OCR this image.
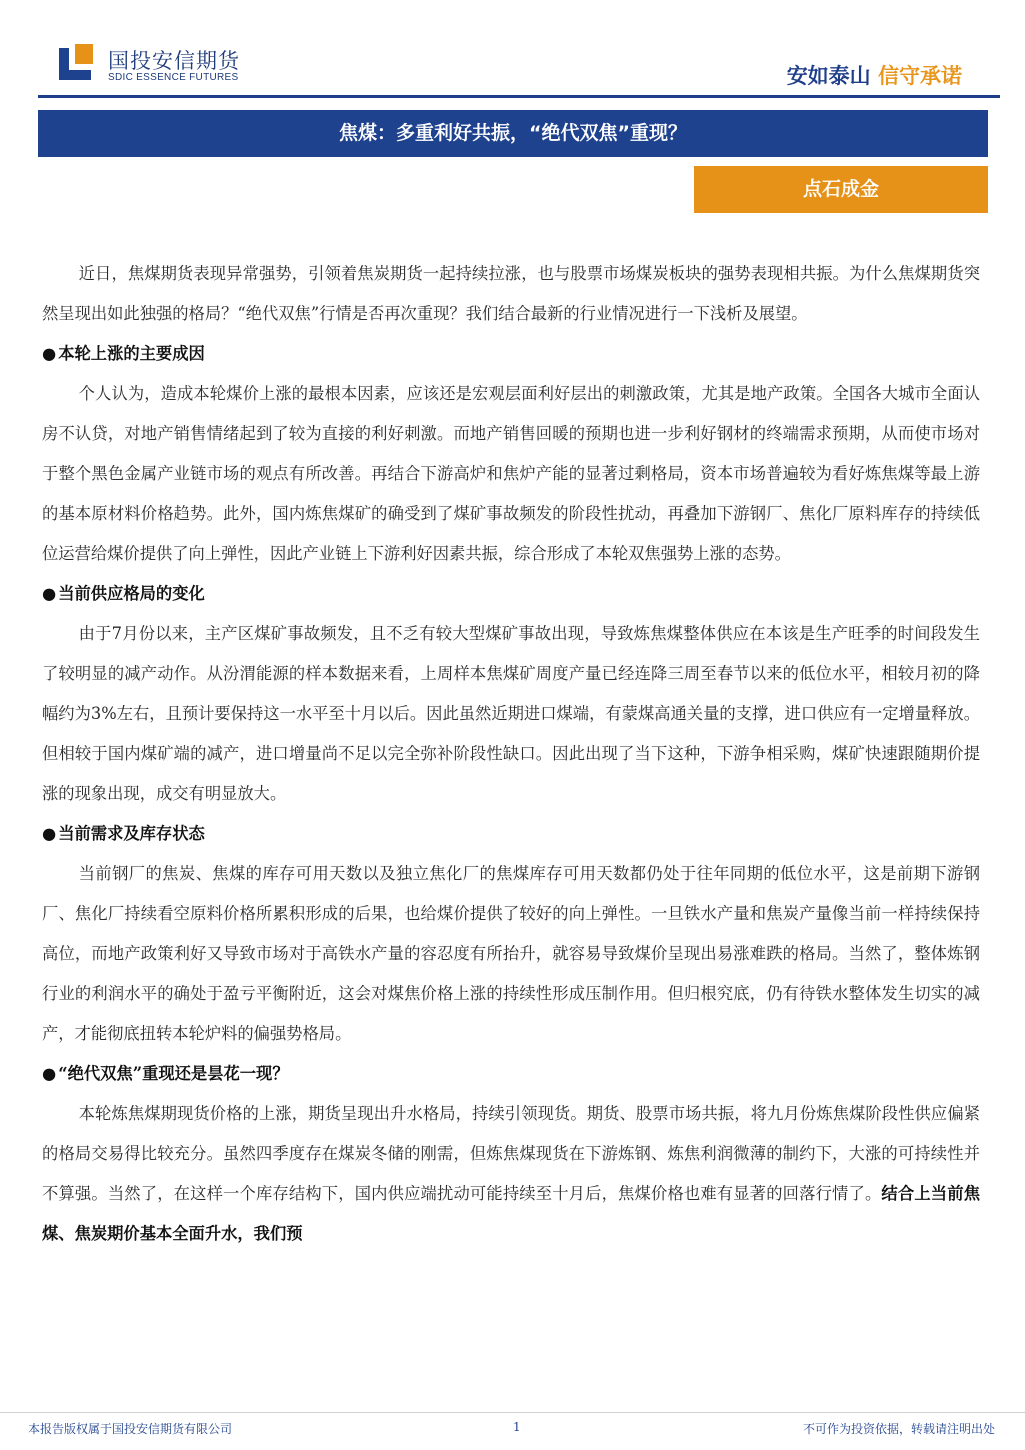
国投安信期货
SDIC ESSENCE FUTURES	安如泰山 信守承诺
焦煤：多重利好共振，“绝代双焦”重现？
点石成金

近日，焦煤期货表现异常强势，引领着焦炭期货一起持续拉涨，也与股票市场煤炭板块的强势表现相共振。为什么焦煤期货突然呈现出如此独强的格局？“绝代双焦”行情是否再次重现？我们结合最新的行业情况进行一下浅析及展望。

● 本轮上涨的主要成因

个人认为，造成本轮煤价上涨的最根本因素，应该还是宏观层面利好层出的刺激政策，尤其是地产政策。全国各大城市全面认房不认贷，对地产销售情绪起到了较为直接的利好刺激。而地产销售回暖的预期也进一步利好钢材的终端需求预期，从而使市场对于整个黑色金属产业链市场的观点有所改善。再结合下游高炉和焦炉产能的显著过剩格局，资本市场普遍较为看好炼焦煤等最上游的基本原材料价格趋势。此外，国内炼焦煤矿的确受到了煤矿事故频发的阶段性扰动，再叠加下游钢厂、焦化厂原料库存的持续低位运营给煤价提供了向上弹性，因此产业链上下游利好因素共振，综合形成了本轮双焦强势上涨的态势。

● 当前供应格局的变化

由于7月份以来，主产区煤矿事故频发，且不乏有较大型煤矿事故出现，导致炼焦煤整体供应在本该是生产旺季的时间段发生了较明显的减产动作。从汾渭能源的样本数据来看，上周样本焦煤矿周度产量已经连降三周至春节以来的低位水平，相较月初的降幅约为3%左右，且预计要保持这一水平至十月以后。因此虽然近期进口煤端，有蒙煤高通关量的支撑，进口供应有一定增量释放。但相较于国内煤矿端的减产，进口增量尚不足以完全弥补阶段性缺口。因此出现了当下这种，下游争相采购，煤矿快速跟随期价提涨的现象出现，成交有明显放大。

● 当前需求及库存状态

当前钢厂的焦炭、焦煤的库存可用天数以及独立焦化厂的焦煤库存可用天数都仍处于往年同期的低位水平，这是前期下游钢厂、焦化厂持续看空原料价格所累积形成的后果，也给煤价提供了较好的向上弹性。一旦铁水产量和焦炭产量像当前一样持续保持高位，而地产政策利好又导致市场对于高铁水产量的容忍度有所抬升，就容易导致煤价呈现出易涨难跌的格局。当然了，整体炼钢行业的利润水平的确处于盈亏平衡附近，这会对煤焦价格上涨的持续性形成压制作用。但归根究底，仍有待铁水整体发生切实的减产，才能彻底扭转本轮炉料的偏强势格局。

● “绝代双焦”重现还是昙花一现？

本轮炼焦煤期现货价格的上涨，期货呈现出升水格局，持续引领现货。期货、股票市场共振，将九月份炼焦煤阶段性供应偏紧的格局交易得比较充分。虽然四季度存在煤炭冬储的刚需，但炼焦煤现货在下游炼钢、炼焦利润微薄的制约下，大涨的可持续性并不算强。当然了，在这样一个库存结构下，国内供应端扰动可能持续至十月后，焦煤价格也难有显著的回落行情了。结合上当前焦煤、焦炭期价基本全面升水，我们预

本报告版权属于国投安信期货有限公司	1	不可作为投资依据，转载请注明出处
